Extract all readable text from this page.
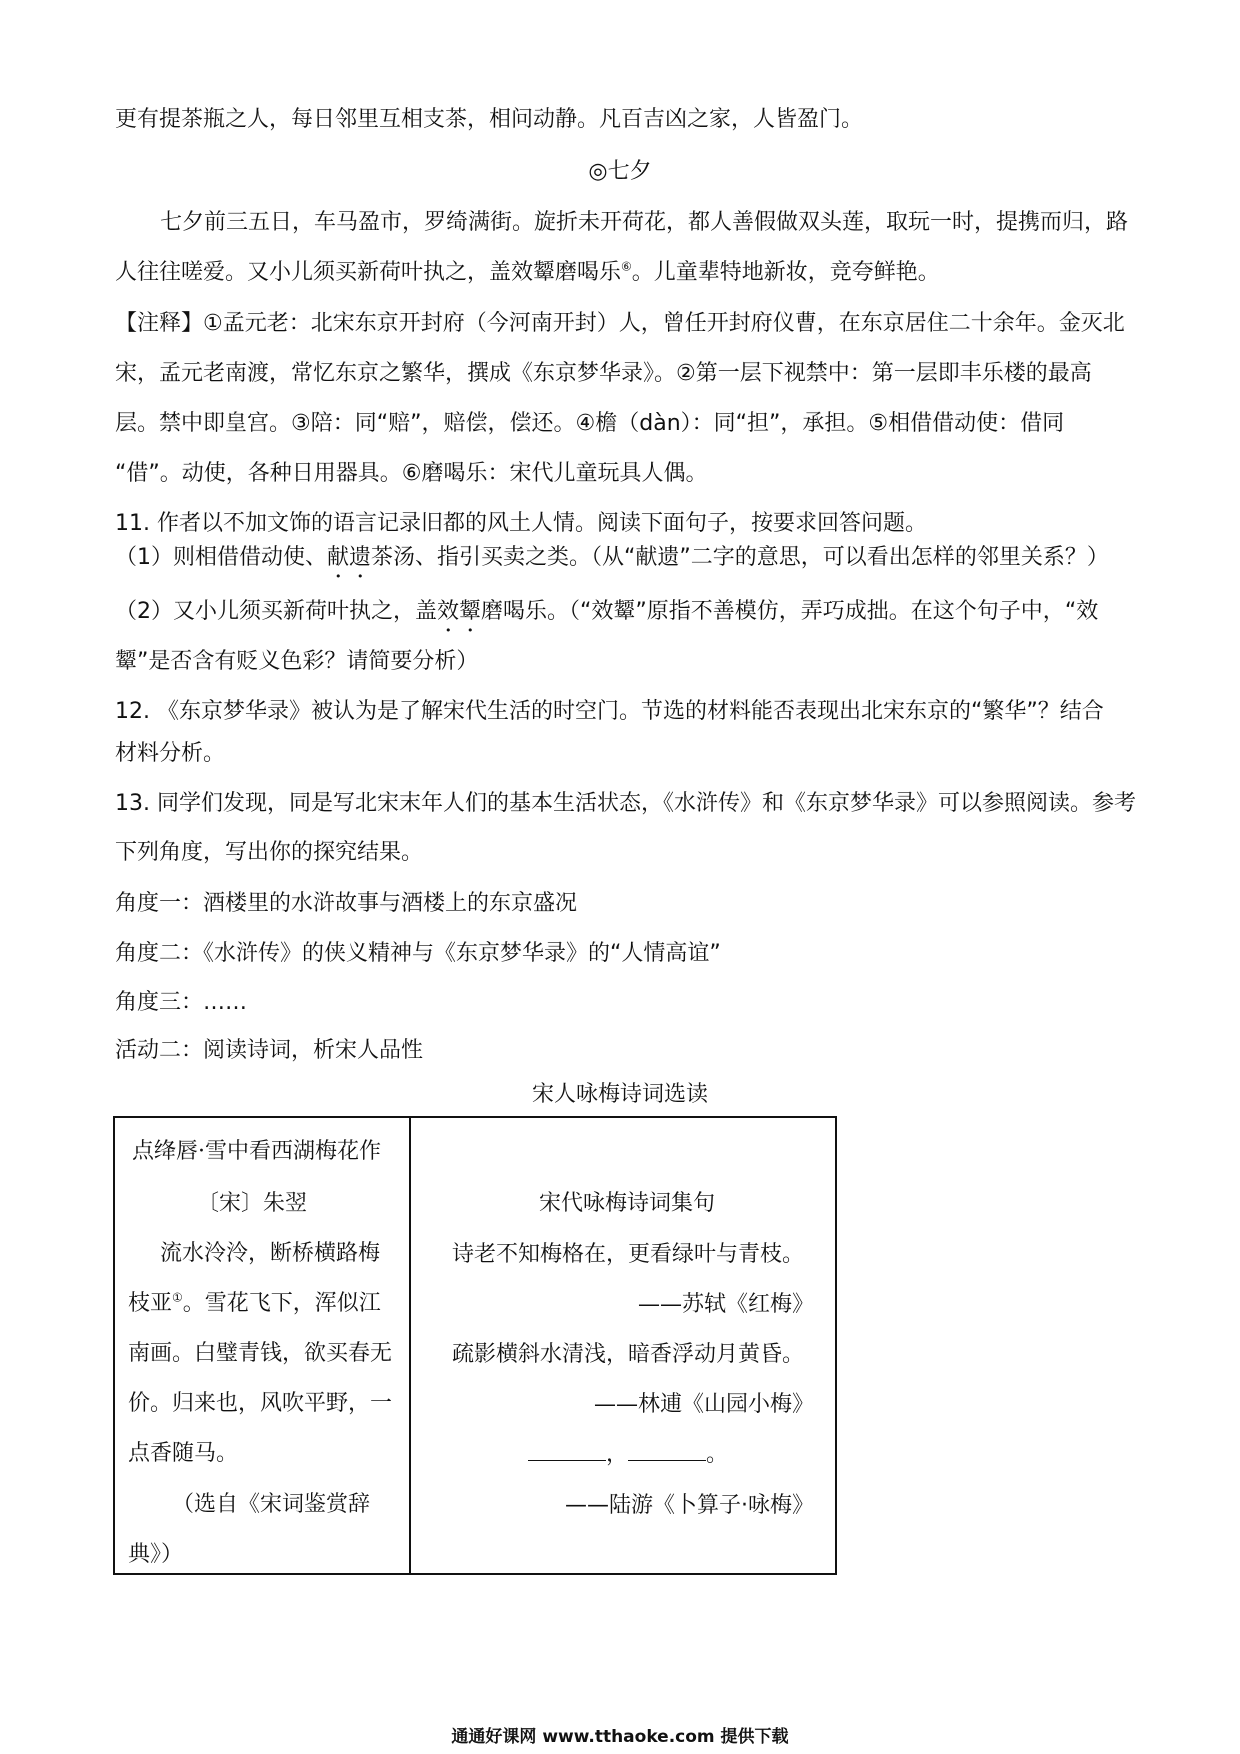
更有提茶瓶之人，每日邻里互相支茶，相问动静。凡百吉凶之家，人皆盈门。
◎七夕
七夕前三五日，车马盈市，罗绮满街。旋折未开荷花，都人善假做双头莲，取玩一时，提携而归，路
人往往嗟爱。又小儿须买新荷叶执之，盖效颦磨喝乐⑥。儿童辈特地新妆，竞夸鲜艳。
【注释】①孟元老：北宋东京开封府（今河南开封）人，曾任开封府仪曹，在东京居住二十余年。金灭北
宋，孟元老南渡，常忆东京之繁华，撰成《东京梦华录》。②第一层下视禁中：第一层即丰乐楼的最高
层。禁中即皇宫。③陪：同“赔”，赔偿，偿还。④檐（dàn）：同“担”，承担。⑤相借借动使：借同
“借”。动使，各种日用器具。⑥磨喝乐：宋代儿童玩具人偶。
11. 作者以不加文饰的语言记录旧都的风土人情。阅读下面句子，按要求回答问题。
（1）则相借借动使、献遗茶汤、指引买卖之类。（从“献遗”二字的意思，可以看出怎样的邻里关系？）
（2）又小儿须买新荷叶执之，盖效颦磨喝乐。（“效颦”原指不善模仿，弄巧成拙。在这个句子中，“效
颦”是否含有贬义色彩？请简要分析）
12. 《东京梦华录》被认为是了解宋代生活的时空门。节选的材料能否表现出北宋东京的“繁华”？结合
材料分析。
13. 同学们发现，同是写北宋末年人们的基本生活状态，《水浒传》和《东京梦华录》可以参照阅读。参考
下列角度，写出你的探究结果。
角度一：酒楼里的水浒故事与酒楼上的东京盛况
角度二：《水浒传》的侠义精神与《东京梦华录》的“人情高谊”
角度三：……
活动二：阅读诗词，析宋人品性
宋人咏梅诗词选读
点绛唇·雪中看西湖梅花作
〔宋〕朱翌
流水泠泠，断桥横路梅
枝亚①。雪花飞下，浑似江
南画。白璧青钱，欲买春无
价。归来也，风吹平野，一
点香随马。
（选自《宋词鉴赏辞
典》）
宋代咏梅诗词集句
诗老不知梅格在，更看绿叶与青枝。
——苏轼《红梅》
疏影横斜水清浅，暗香浮动月黄昏。
——林逋《山园小梅》
，	。
——陆游《卜算子·咏梅》
通通好课网 www.tthaoke.com 提供下载
